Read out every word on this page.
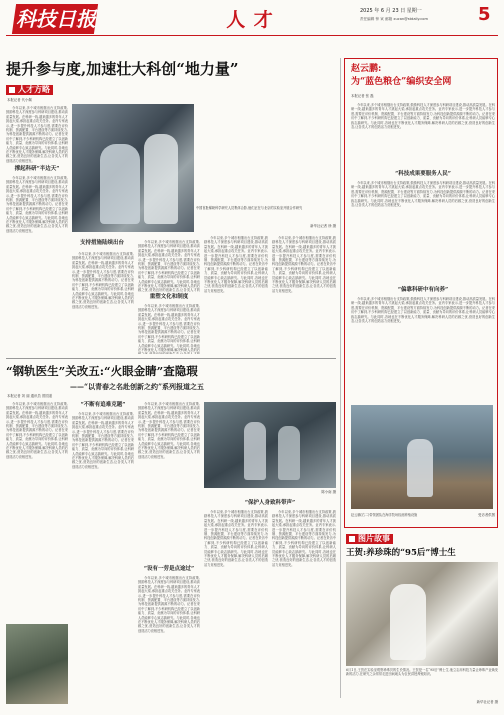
科技日报	人 才	2025 年 6 月 23 日 星期一
责任编辑 钟 寅 邮箱 xucan@stdaily.com	5
提升参与度,加速壮大科创“地力量”
人才方略
本报记者 代小佩
今年以来,多个城市相继出台支持政策,鼓励科技人才深度参与科研项目建设,推动高质量发展。在科研一线,越来越多的青年人才挑起大梁,承担起重点攻关任务。业内专家表示,进一步提升科技人才参与度,需要在评价机制、资源配置、平台建设等方面持续发力,为科技创新提供源源不断的动力。记者在采访中了解到,不少科研机构已经建立了以创新能力、质量、贡献为导向的评价体系,让科研人员能够专心致志搞研究。与此同时,各地也在不断优化人才服务保障,解决科研人员的后顾之忧,营造良好的创新生态,让各类人才的创造活力竞相迸发。
撑起科研“半边天”
今年以来,多个城市相继出台支持政策,鼓励科技人才深度参与科研项目建设,推动高质量发展。在科研一线,越来越多的青年人才挑起大梁,承担起重点攻关任务。业内专家表示,进一步提升科技人才参与度,需要在评价机制、资源配置、平台建设等方面持续发力,为科技创新提供源源不断的动力。记者在采访中了解到,不少科研机构已经建立了以创新能力、质量、贡献为导向的评价体系,让科研人员能够专心致志搞研究。与此同时,各地也在不断优化人才服务保障,解决科研人员的后顾之忧,营造良好的创新生态,让各类人才的创造活力竞相迸发。
中国首批稀缺科学研究人员集体合影,他们正在与北京的实验室开展合作研究
新华社记者 徐 摄
支持措施陆续出台
今年以来,多个城市相继出台支持政策,鼓励科技人才深度参与科研项目建设,推动高质量发展。在科研一线,越来越多的青年人才挑起大梁,承担起重点攻关任务。业内专家表示,进一步提升科技人才参与度,需要在评价机制、资源配置、平台建设等方面持续发力,为科技创新提供源源不断的动力。记者在采访中了解到,不少科研机构已经建立了以创新能力、质量、贡献为导向的评价体系,让科研人员能够专心致志搞研究。与此同时,各地也在不断优化人才服务保障,解决科研人员的后顾之忧,营造良好的创新生态,让各类人才的创造活力竞相迸发。
今年以来,多个城市相继出台支持政策,鼓励科技人才深度参与科研项目建设,推动高质量发展。在科研一线,越来越多的青年人才挑起大梁,承担起重点攻关任务。业内专家表示,进一步提升科技人才参与度,需要在评价机制、资源配置、平台建设等方面持续发力,为科技创新提供源源不断的动力。记者在采访中了解到,不少科研机构已经建立了以创新能力、质量、贡献为导向的评价体系,让科研人员能够专心致志搞研究。与此同时,各地也在不断优化人才服务保障,解决科研人员的后顾之忧,营造良好的创新生态,让各类人才的
重塑文化和制度
今年以来,多个城市相继出台支持政策,鼓励科技人才深度参与科研项目建设,推动高质量发展。在科研一线,越来越多的青年人才挑起大梁,承担起重点攻关任务。业内专家表示,进一步提升科技人才参与度,需要在评价机制、资源配置、平台建设等方面持续发力,为科技创新提供源源不断的动力。记者在采访中了解到,不少科研机构已经建立了以创新能力、质量、贡献为导向的评价体系,让科研人员能够专心致志搞研究。与此同时,各地也在不断优化人才服务保障,解决科研人员的后
今年以来,多个城市相继出台支持政策,鼓励科技人才深度参与科研项目建设,推动高质量发展。在科研一线,越来越多的青年人才挑起大梁,承担起重点攻关任务。业内专家表示,进一步提升科技人才参与度,需要在评价机制、资源配置、平台建设等方面持续发力,为科技创新提供源源不断的动力。记者在采访中了解到,不少科研机构已经建立了以创新能力、质量、贡献为导向的评价体系,让科研人员能够专心致志搞研究。与此同时,各地也在不断优化人才服务保障,解决科研人员的后顾之忧,营造良好的创新生态,让各类人才的创造活力竞相迸发。
今年以来,多个城市相继出台支持政策,鼓励科技人才深度参与科研项目建设,推动高质量发展。在科研一线,越来越多的青年人才挑起大梁,承担起重点攻关任务。业内专家表示,进一步提升科技人才参与度,需要在评价机制、资源配置、平台建设等方面持续发力,为科技创新提供源源不断的动力。记者在采访中了解到,不少科研机构已经建立了以创新能力、质量、贡献为导向的评价体系,让科研人员能够专心致志搞研究。与此同时,各地也在不断优化人才服务保障,解决科研人员的后顾之忧,营造良好的创新生态,让各类人才的创造活力竞相迸发。
赵云鹏:
为“蓝色粮仓”编织安全网
本报记者 张 磊
今年以来,多个城市相继出台支持政策,鼓励科技人才深度参与科研项目建设,推动高质量发展。在科研一线,越来越多的青年人才挑起大梁,承担起重点攻关任务。业内专家表示,进一步提升科技人才参与度,需要在评价机制、资源配置、平台建设等方面持续发力,为科技创新提供源源不断的动力。记者在采访中了解到,不少科研机构已经建立了以创新能力、质量、贡献为导向的评价体系,让科研人员能够专心致志搞研究。与此同时,各地也在不断优化人才服务保障,解决科研人员的后顾之忧,营造良好的创新生态,让各类人才的创造活力竞相迸发。
“科技成果要服务人民”
今年以来,多个城市相继出台支持政策,鼓励科技人才深度参与科研项目建设,推动高质量发展。在科研一线,越来越多的青年人才挑起大梁,承担起重点攻关任务。业内专家表示,进一步提升科技人才参与度,需要在评价机制、资源配置、平台建设等方面持续发力,为科技创新提供源源不断的动力。记者在采访中了解到,不少科研机构已经建立了以创新能力、质量、贡献为导向的评价体系,让科研人员能够专心致志搞研究。与此同时,各地也在不断优化人才服务保障,解决科研人员的后顾之忧,营造良好的创新生态,让各类人才的创造活力竞相迸发。
“偏靠科研中有向养”
今年以来,多个城市相继出台支持政策,鼓励科技人才深度参与科研项目建设,推动高质量发展。在科研一线,越来越多的青年人才挑起大梁,承担起重点攻关任务。业内专家表示,进一步提升科技人才参与度,需要在评价机制、资源配置、平台建设等方面持续发力,为科技创新提供源源不断的动力。记者在采访中了解到,不少科研机构已经建立了以创新能力、质量、贡献为导向的评价体系,让科研人员能够专心致志搞研究。与此同时,各地也在不断优化人才服务保障,解决科研人员的后顾之忧,营造良好的创新生态,让各类人才的创造活力竞相迸发。
赵云鹏(右二)带领团队在海洋牧场检测养殖设施	受访者供图
“钢轨医生”关改五:“火眼金睛”查隐瑕
——“以青春之名赴创新之约”系列报道之五
本报记者 刘 丽 通讯员 曾国道
今年以来,多个城市相继出台支持政策,鼓励科技人才深度参与科研项目建设,推动高质量发展。在科研一线,越来越多的青年人才挑起大梁,承担起重点攻关任务。业内专家表示,进一步提升科技人才参与度,需要在评价机制、资源配置、平台建设等方面持续发力,为科技创新提供源源不断的动力。记者在采访中了解到,不少科研机构已经建立了以创新能力、质量、贡献为导向的评价体系,让科研人员能够专心致志搞研究。与此同时,各地也在不断优化人才服务保障,解决科研人员的后顾之忧,营造良好的创新生态,让各类人才的创造活力竞相迸发。
“不断有追难克题”
今年以来,多个城市相继出台支持政策,鼓励科技人才深度参与科研项目建设,推动高质量发展。在科研一线,越来越多的青年人才挑起大梁,承担起重点攻关任务。业内专家表示,进一步提升科技人才参与度,需要在评价机制、资源配置、平台建设等方面持续发力,为科技创新提供源源不断的动力。记者在采访中了解到,不少科研机构已经建立了以创新能力、质量、贡献为导向的评价体系,让科研人员能够专心致志搞研究。与此同时,各地也在不断优化人才服务保障,解决科研人员的后顾之忧,营造良好的创新生态,让各类人才的创造活力竞相迸发。
今年以来,多个城市相继出台支持政策,鼓励科技人才深度参与科研项目建设,推动高质量发展。在科研一线,越来越多的青年人才挑起大梁,承担起重点攻关任务。业内专家表示,进一步提升科技人才参与度,需要在评价机制、资源配置、平台建设等方面持续发力,为科技创新提供源源不断的动力。记者在采访中了解到,不少科研机构已经建立了以创新能力、质量、贡献为导向的评价体系,让科研人员能够专心致志搞研究。与此同时,各地也在不断优化人才服务保障,解决科研人员的后顾之忧,营造良好的创新生态,让各类人才的创造活力竞相迸发。
“设有一劳是点途过”
今年以来,多个城市相继出台支持政策,鼓励科技人才深度参与科研项目建设,推动高质量发展。在科研一线,越来越多的青年人才挑起大梁,承担起重点攻关任务。业内专家表示,进一步提升科技人才参与度,需要在评价机制、资源配置、平台建设等方面持续发力,为科技创新提供源源不断的动力。记者在采访中了解到,不少科研机构已经建立了以创新能力、质量、贡献为导向的评价体系,让科研人员能够专心致志搞研究。与此同时,各地也在不断优化人才服务保障,解决科研人员的后顾之忧,营造良好的创新生态,让各类人才的创造活力竞相迸发。
陈小南 摄
“保护人身致科带声”
今年以来,多个城市相继出台支持政策,鼓励科技人才深度参与科研项目建设,推动高质量发展。在科研一线,越来越多的青年人才挑起大梁,承担起重点攻关任务。业内专家表示,进一步提升科技人才参与度,需要在评价机制、资源配置、平台建设等方面持续发力,为科技创新提供源源不断的动力。记者在采访中了解到,不少科研机构已经建立了以创新能力、质量、贡献为导向的评价体系,让科研人员能够专心致志搞研究。与此同时,各地也在不断优化人才服务保障,解决科研人员的后顾之忧,营造良好的创新生态,让各类人才的创造活力竞相迸发。
今年以来,多个城市相继出台支持政策,鼓励科技人才深度参与科研项目建设,推动高质量发展。在科研一线,越来越多的青年人才挑起大梁,承担起重点攻关任务。业内专家表示,进一步提升科技人才参与度,需要在评价机制、资源配置、平台建设等方面持续发力,为科技创新提供源源不断的动力。记者在采访中了解到,不少科研机构已经建立了以创新能力、质量、贡献为导向的评价体系,让科研人员能够专心致志搞研究。与此同时,各地也在不断优化人才服务保障,解决科研人员的后顾之忧,营造良好的创新生态,让各类人才的创造活力竞相迸发。
图片故事
王贺:养珍珠的“95后”博士生
6月1日,王贺在实验室观察珍珠贝的生长情况。王贺是一名“95后”博士生,他立志用科技力量让珍珠产业焕发新的活力,在研究之余常常走进田间地头为农民讲授养殖知识。
新华社记者 摄
